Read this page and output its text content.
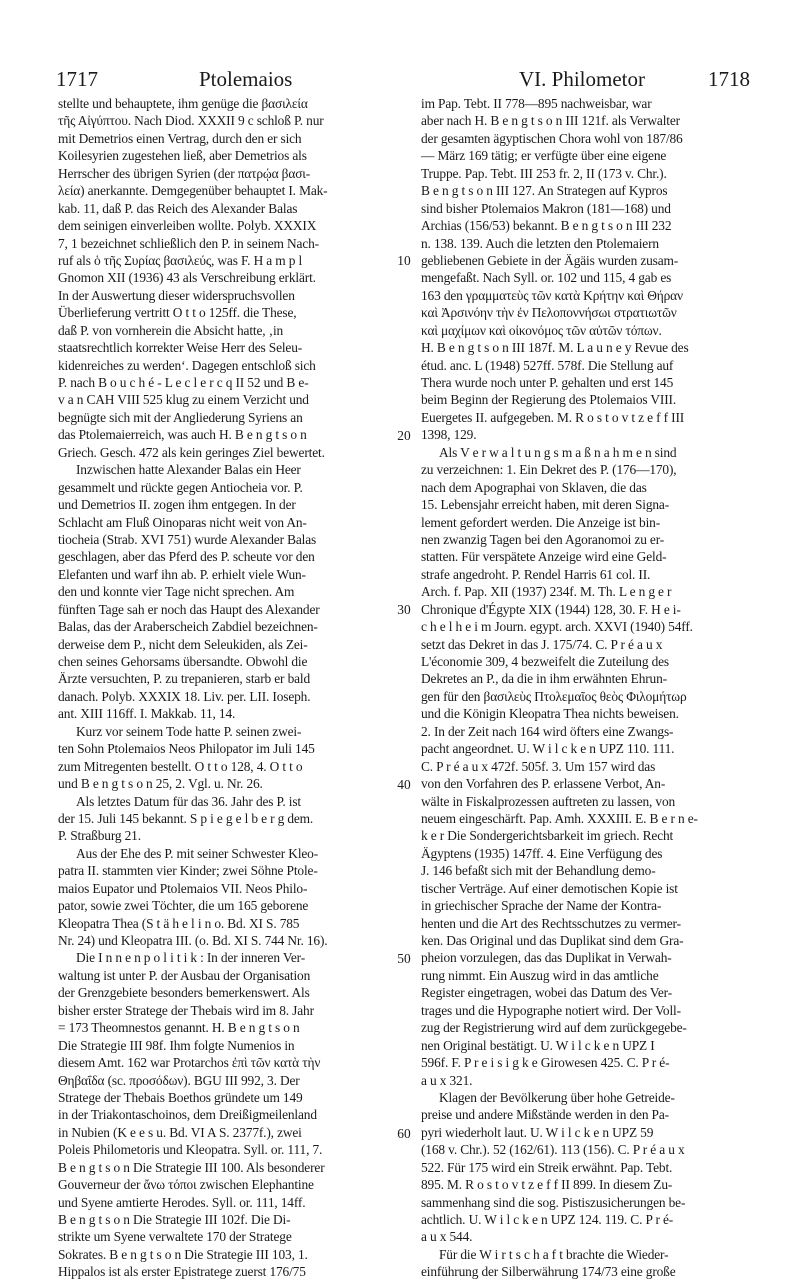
1717	Ptolemaios	VI. Philometor	1718
stellte und behauptete, ihm genüge die βασιλεία
τῆς Αἰγύπτου. Nach Diod. XXXII 9 c schloß P. nur
mit Demetrios einen Vertrag, durch den er sich
Koilesyrien zugestehen ließ, aber Demetrios als
Herrscher des übrigen Syrien (der πατρῴα βασι-
λεία) anerkannte. Demgegenüber behauptet I. Mak-
kab. 11, daß P. das Reich des Alexander Balas
dem seinigen einverleiben wollte. Polyb. XXXIX
7, 1 bezeichnet schließlich den P. in seinem Nach-
ruf als ὁ τῆς Συρίας βασιλεύς, was F. H a m p l
Gnomon XII (1936) 43 als Verschreibung erklärt.
In der Auswertung dieser widerspruchsvollen
Überlieferung vertritt O t t o 125ff. die These,
daß P. von vornherein die Absicht hatte, ‚in
staatsrechtlich korrekter Weise Herr des Seleu-
kidenreiches zu werden‘. Dagegen entschloß sich
P. nach B o u c h é - L e c l e r c q II 52 und B e-
v a n CAH VIII 525 klug zu einem Verzicht und
begnügte sich mit der Angliederung Syriens an
das Ptolemaierreich, was auch H. B e n g t s o n
Griech. Gesch. 472 als kein geringes Ziel bewertet.
Inzwischen hatte Alexander Balas ein Heer
gesammelt und rückte gegen Antiocheia vor. P.
und Demetrios II. zogen ihm entgegen. In der
Schlacht am Fluß Oinoparas nicht weit von An-
tiocheia (Strab. XVI 751) wurde Alexander Balas
geschlagen, aber das Pferd des P. scheute vor den
Elefanten und warf ihn ab. P. erhielt viele Wun-
den und konnte vier Tage nicht sprechen. Am
fünften Tage sah er noch das Haupt des Alexander
Balas, das der Araberscheich Zabdiel bezeichnen-
derweise dem P., nicht dem Seleukiden, als Zei-
chen seines Gehorsams übersandte. Obwohl die
Ärzte versuchten, P. zu trepanieren, starb er bald
danach. Polyb. XXXIX 18. Liv. per. LII. Ioseph.
ant. XIII 116ff. I. Makkab. 11, 14.
Kurz vor seinem Tode hatte P. seinen zwei-
ten Sohn Ptolemaios Neos Philopator im Juli 145
zum Mitregenten bestellt. O t t o 128, 4. O t t o
und B e n g t s o n 25, 2. Vgl. u. Nr. 26.
Als letztes Datum für das 36. Jahr des P. ist
der 15. Juli 145 bekannt. S p i e g e l b e r g dem.
P. Straßburg 21.
Aus der Ehe des P. mit seiner Schwester Kleo-
patra II. stammten vier Kinder; zwei Söhne Ptole-
maios Eupator und Ptolemaios VII. Neos Philo-
pator, sowie zwei Töchter, die um 165 geborene
Kleopatra Thea (S t ä h e l i n o. Bd. XI S. 785
Nr. 24) und Kleopatra III. (o. Bd. XI S. 744 Nr. 16).
Die I n n e n p o l i t i k : In der inneren Ver-
waltung ist unter P. der Ausbau der Organisation
der Grenzgebiete besonders bemerkenswert. Als
bisher erster Stratege der Thebais wird im 8. Jahr
= 173 Theomnestos genannt. H. B e n g t s o n
Die Strategie III 98f. Ihm folgte Numenios in
diesem Amt. 162 war Protarchos ἐπὶ τῶν κατὰ τὴν
Θηβαΐδα (sc. προσόδων). BGU III 992, 3. Der
Stratege der Thebais Boethos gründete um 149
in der Triakontaschoinos, dem Dreißigmeilenland
in Nubien (K e e s u. Bd. VI A S. 2377f.), zwei
Poleis Philometoris und Kleopatra. Syll. or. 111, 7.
B e n g t s o n Die Strategie III 100. Als besonderer
Gouverneur der ἄνω τόποι zwischen Elephantine
und Syene amtierte Herodes. Syll. or. 111, 14ff.
B e n g t s o n Die Strategie III 102f. Die Di-
strikte um Syene verwaltete 170 der Stratege
Sokrates. B e n g t s o n Die Strategie III 103, 1.
Hippalos ist als erster Epistratege zuerst 176/75
10
20
30
40
50
60
im Pap. Tebt. II 778—895 nachweisbar, war
aber nach H. B e n g t s o n III 121f. als Verwalter
der gesamten ägyptischen Chora wohl von 187/86
— März 169 tätig; er verfügte über eine eigene
Truppe. Pap. Tebt. III 253 fr. 2, II (173 v. Chr.).
B e n g t s o n III 127. An Strategen auf Kypros
sind bisher Ptolemaios Makron (181—168) und
Archias (156/53) bekannt. B e n g t s o n III 232
n. 138. 139. Auch die letzten den Ptolemaiern
gebliebenen Gebiete in der Ägäis wurden zusam-
mengefaßt. Nach Syll. or. 102 und 115, 4 gab es
163 den γραμματεὺς τῶν κατὰ Κρήτην καὶ Θήραν
καὶ Ἀρσινόην τὴν ἐν Πελοποννήσωι στρατιωτῶν
καὶ μαχίμων καὶ οἰκονόμος τῶν αὐτῶν τόπων.
H. B e n g t s o n III 187f. M. L a u n e y Revue des
étud. anc. L (1948) 527ff. 578f. Die Stellung auf
Thera wurde noch unter P. gehalten und erst 145
beim Beginn der Regierung des Ptolemaios VIII.
Euergetes II. aufgegeben. M. R o s t o v t z e f f III
1398, 129.
Als V e r w a l t u n g s m a ß n a h m e n sind
zu verzeichnen: 1. Ein Dekret des P. (176—170),
nach dem Apographai von Sklaven, die das
15. Lebensjahr erreicht haben, mit deren Signa-
lement gefordert werden. Die Anzeige ist bin-
nen zwanzig Tagen bei den Agoranomoi zu er-
statten. Für verspätete Anzeige wird eine Geld-
strafe angedroht. P. Rendel Harris 61 col. II.
Arch. f. Pap. XII (1937) 234f. M. Th. L e n g e r
Chronique d'Égypte XIX (1944) 128, 30. F. H e i-
c h e l h e i m Journ. egypt. arch. XXVI (1940) 54ff.
setzt das Dekret in das J. 175/74. C. P r é a u x
L'économie 309, 4 bezweifelt die Zuteilung des
Dekretes an P., da die in ihm erwähnten Ehrun-
gen für den βασιλεὺς Πτολεμαῖος θεὸς Φιλομήτωρ
und die Königin Kleopatra Thea nichts beweisen.
2. In der Zeit nach 164 wird öfters eine Zwangs-
pacht angeordnet. U. W i l c k e n UPZ 110. 111.
C. P r é a u x 472f. 505f. 3. Um 157 wird das
von den Vorfahren des P. erlassene Verbot, An-
wälte in Fiskalprozessen auftreten zu lassen, von
neuem eingeschärft. Pap. Amh. XXXIII. E. B e r n e-
k e r Die Sondergerichtsbarkeit im griech. Recht
Ägyptens (1935) 147ff. 4. Eine Verfügung des
J. 146 befaßt sich mit der Behandlung demo-
tischer Verträge. Auf einer demotischen Kopie ist
in griechischer Sprache der Name der Kontra-
henten und die Art des Rechtsschutzes zu vermer-
ken. Das Original und das Duplikat sind dem Gra-
pheion vorzulegen, das das Duplikat in Verwah-
rung nimmt. Ein Auszug wird in das amtliche
Register eingetragen, wobei das Datum des Ver-
trages und die Hypographe notiert wird. Der Voll-
zug der Registrierung wird auf dem zurückgegebe-
nen Original bestätigt. U. W i l c k e n UPZ I
596f. F. P r e i s i g k e Girowesen 425. C. P r é-
a u x 321.
Klagen der Bevölkerung über hohe Getreide-
preise und andere Mißstände werden in den Pa-
pyri wiederholt laut. U. W i l c k e n UPZ 59
(168 v. Chr.). 52 (162/61). 113 (156). C. P r é a u x
522. Für 175 wird ein Streik erwähnt. Pap. Tebt.
895. M. R o s t o v t z e f f II 899. In diesem Zu-
sammenhang sind die sog. Pistiszusicherungen be-
achtlich. U. W i l c k e n UPZ 124. 119. C. P r é-
a u x 544.
Für die W i r t s c h a f t brachte die Wieder-
einführung der Silberwährung 174/73 eine große
